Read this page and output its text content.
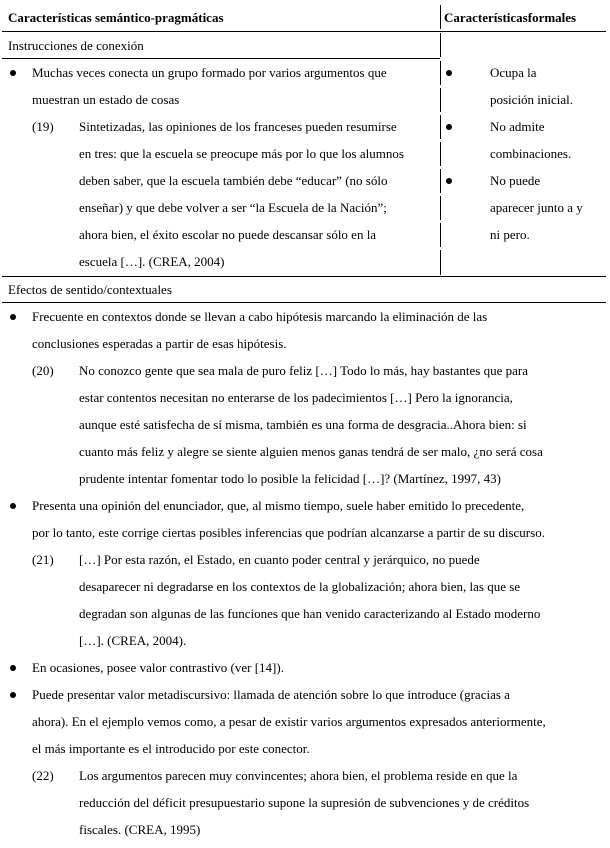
Características semántico-pragmáticas	Característicasformales
Instrucciones de conexión
Muchas veces conecta un grupo formado por varios argumentos que
muestran un estado de cosas
(19) Sintetizadas, las opiniones de los franceses pueden resumirse
en tres: que la escuela se preocupe más por lo que los alumnos
deben saber, que la escuela también debe “educar” (no sólo
enseñar) y que debe volver a ser “la Escuela de la Nación”;
ahora bien, el éxito escolar no puede descansar sólo en la
escuela […]. (CREA, 2004)
Ocupa la
posición inicial.
No admite
combinaciones.
No puede
aparecer junto a y
ni pero.
Efectos de sentido/contextuales
Frecuente en contextos donde se llevan a cabo hipótesis marcando la eliminación de las
conclusiones esperadas a partir de esas hipótesis.
(20) No conozco gente que sea mala de puro feliz […] Todo lo más, hay bastantes que para
estar contentos necesitan no enterarse de los padecimientos […] Pero la ignorancia,
aunque esté satisfecha de sí misma, también es una forma de desgracia..Ahora bien: si
cuanto más feliz y alegre se siente alguien menos ganas tendrá de ser malo, ¿no será cosa
prudente intentar fomentar todo lo posible la felicidad […]? (Martínez, 1997, 43)
Presenta una opinión del enunciador, que, al mismo tiempo, suele haber emitido lo precedente,
por lo tanto, este corrige ciertas posibles inferencias que podrían alcanzarse a partir de su discurso.
(21) […] Por esta razón, el Estado, en cuanto poder central y jerárquico, no puede
desaparecer ni degradarse en los contextos de la globalización; ahora bien, las que se
degradan son algunas de las funciones que han venido caracterizando al Estado moderno
[…]. (CREA, 2004).
En ocasiones, posee valor contrastivo (ver [14]).
Puede presentar valor metadiscursivo: llamada de atención sobre lo que introduce (gracias a
ahora). En el ejemplo vemos como, a pesar de existir varios argumentos expresados anteriormente,
el más importante es el introducido por este conector.
(22) Los argumentos parecen muy convincentes; ahora bien, el problema reside en que la
reducción del déficit presupuestario supone la supresión de subvenciones y de créditos
fiscales. (CREA, 1995)
